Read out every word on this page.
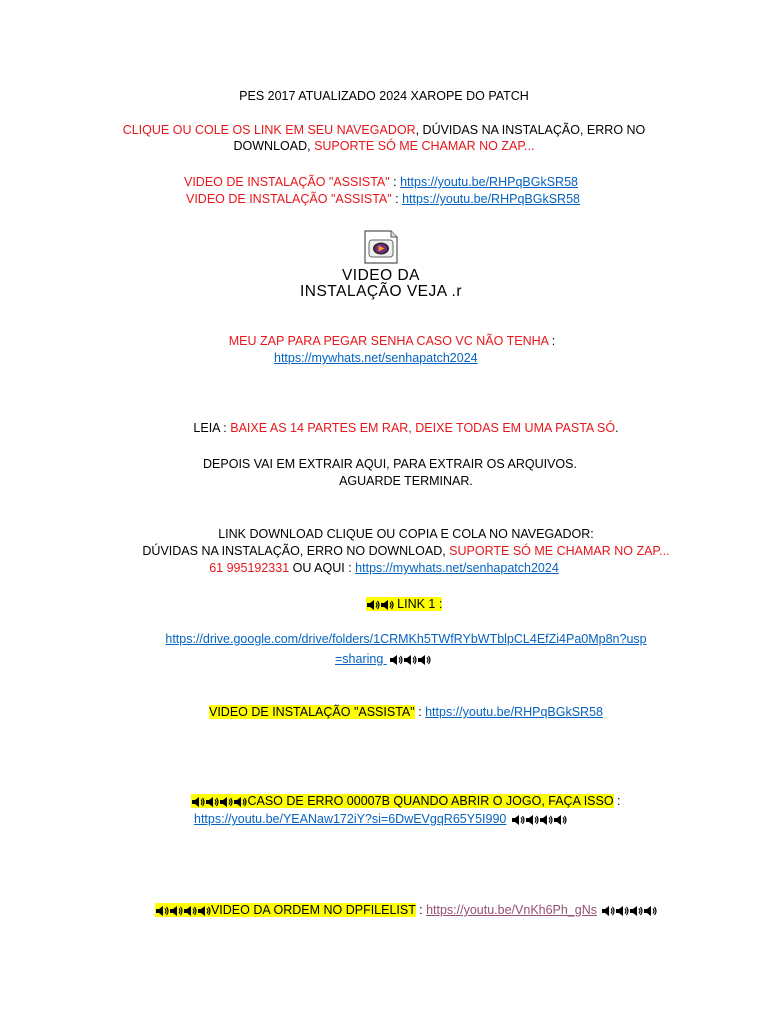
PES 2017 ATUALIZADO 2024 XAROPE DO PATCH
CLIQUE OU COLE OS LINK EM SEU NAVEGADOR, DÚVIDAS NA INSTALAÇÃO, ERRO NO
DOWNLOAD, SUPORTE SÓ ME CHAMAR NO ZAP...
VIDEO DE INSTALAÇÃO "ASSISTA" : https://youtu.be/RHPqBGkSR58
VIDEO DE INSTALAÇÃO "ASSISTA" : https://youtu.be/RHPqBGkSR58
VIDEO DA
INSTALAÇÃO VEJA .r
MEU ZAP PARA PEGAR SENHA CASO VC NÃO TENHA :
https://mywhats.net/senhapatch2024
LEIA : BAIXE AS 14 PARTES EM RAR, DEIXE TODAS EM UMA PASTA SÓ.
DEPOIS VAI EM EXTRAIR AQUI, PARA EXTRAIR OS ARQUIVOS.
AGUARDE TERMINAR.
LINK DOWNLOAD CLIQUE OU COPIA E COLA NO NAVEGADOR:
DÚVIDAS NA INSTALAÇÃO, ERRO NO DOWNLOAD, SUPORTE SÓ ME CHAMAR NO ZAP...
61 995192331 OU AQUI : https://mywhats.net/senhapatch2024
LINK 1 :
https://drive.google.com/drive/folders/1CRMKh5TWfRYbWTblpCL4EfZi4Pa0Mp8n?usp
=sharing
VIDEO DE INSTALAÇÃO "ASSISTA" : https://youtu.be/RHPqBGkSR58
CASO DE ERRO 00007B QUANDO ABRIR O JOGO, FAÇA ISSO :
https://youtu.be/YEANaw172iY?si=6DwEVgqR65Y5I990
VIDEO DA ORDEM NO DPFILELIST : https://youtu.be/VnKh6Ph_gNs
